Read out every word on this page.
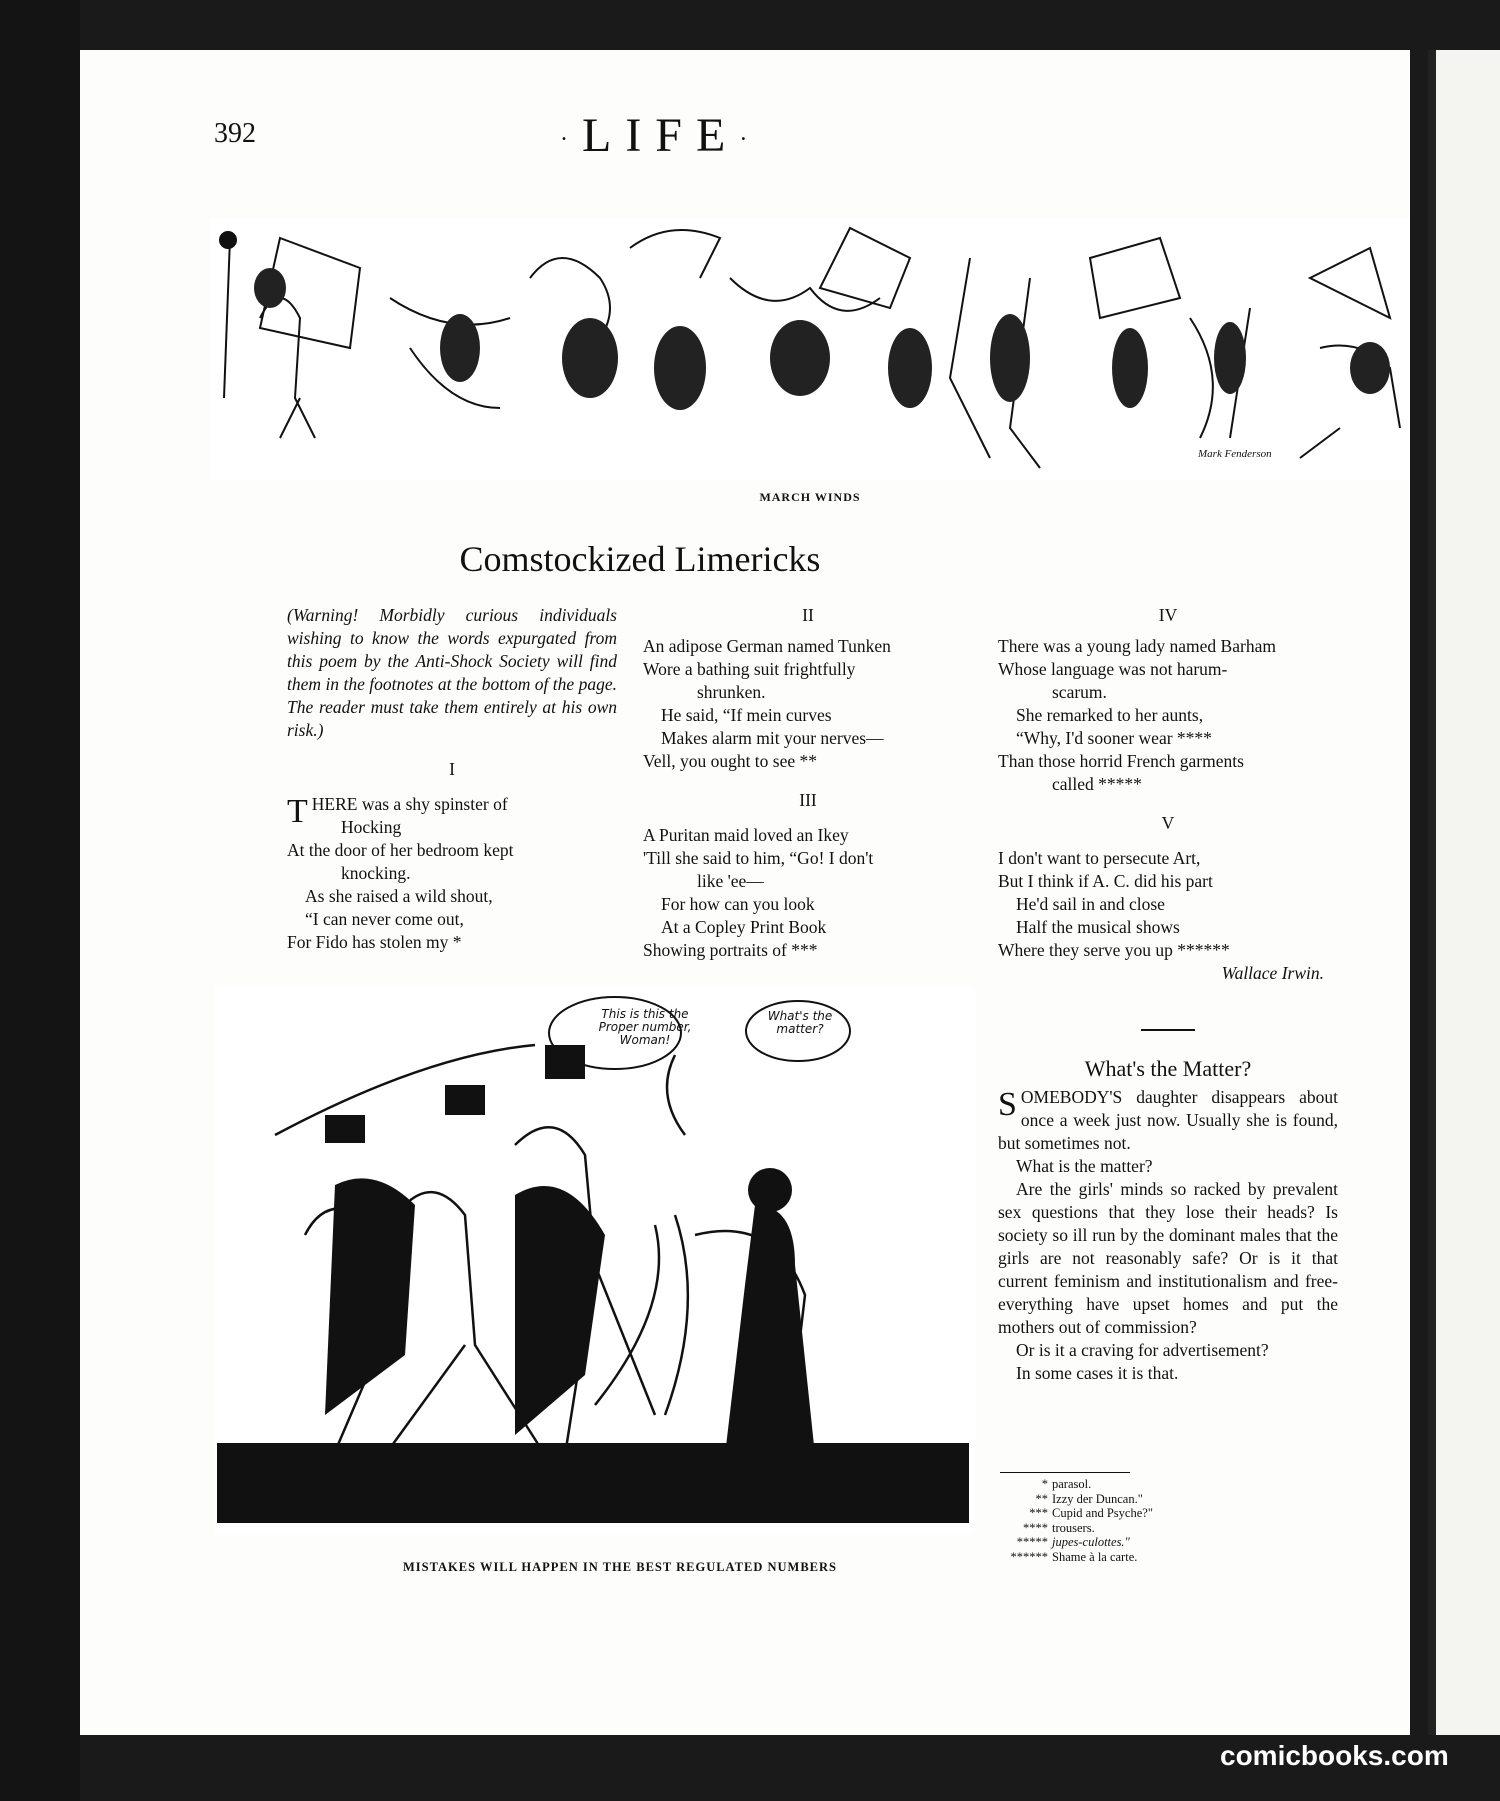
392	·LIFE·
Mark Fenderson
MARCH WINDS
Comstockized Limericks

(Warning! Morbidly curious individuals wishing to know the words expurgated from this poem by the Anti-Shock Society will find them in the footnotes at the bottom of the page. The reader must take them entirely at his own risk.)

I
T HERE was a shy spinster of
Hocking
At the door of her bedroom kept
knocking.
As she raised a wild shout,
“I can never come out,
For Fido has stolen my *
II
An adipose German named Tunken
Wore a bathing suit frightfully
shrunken.
He said, “If mein curves
Makes alarm mit your nerves—
Vell, you ought to see **
III
A Puritan maid loved an Ikey
'Till she said to him, “Go! I don't
like 'ee—
For how can you look
At a Copley Print Book
Showing portraits of ***
IV
There was a young lady named Barham
Whose language was not harum-
scarum.
She remarked to her aunts,
“Why, I'd sooner wear ****
Than those horrid French garments
called *****
V
I don't want to persecute Art,
But I think if A. C. did his part
He'd sail in and close
Half the musical shows
Where they serve you up ******
Wallace Irwin.
What's the Matter?
S OMEBODY'S daughter disappears about once a week just now. Usually she is found, but sometimes not.

What is the matter?

Are the girls' minds so racked by prevalent sex questions that they lose their heads? Is society so ill run by the dominant males that the girls are not reasonably safe? Or is it that current feminism and institutionalism and free-everything have upset homes and put the mothers out of commission?

Or is it a craving for advertisement?

In some cases it is that.

This is this the Proper number, Woman!
What's the matter?
MISTAKES WILL HAPPEN IN THE BEST REGULATED NUMBERS
* parasol.
** Izzy der Duncan."
*** Cupid and Psyche?"
**** trousers.
***** jupes-culottes."
****** Shame à la carte.
comicbooks.com
